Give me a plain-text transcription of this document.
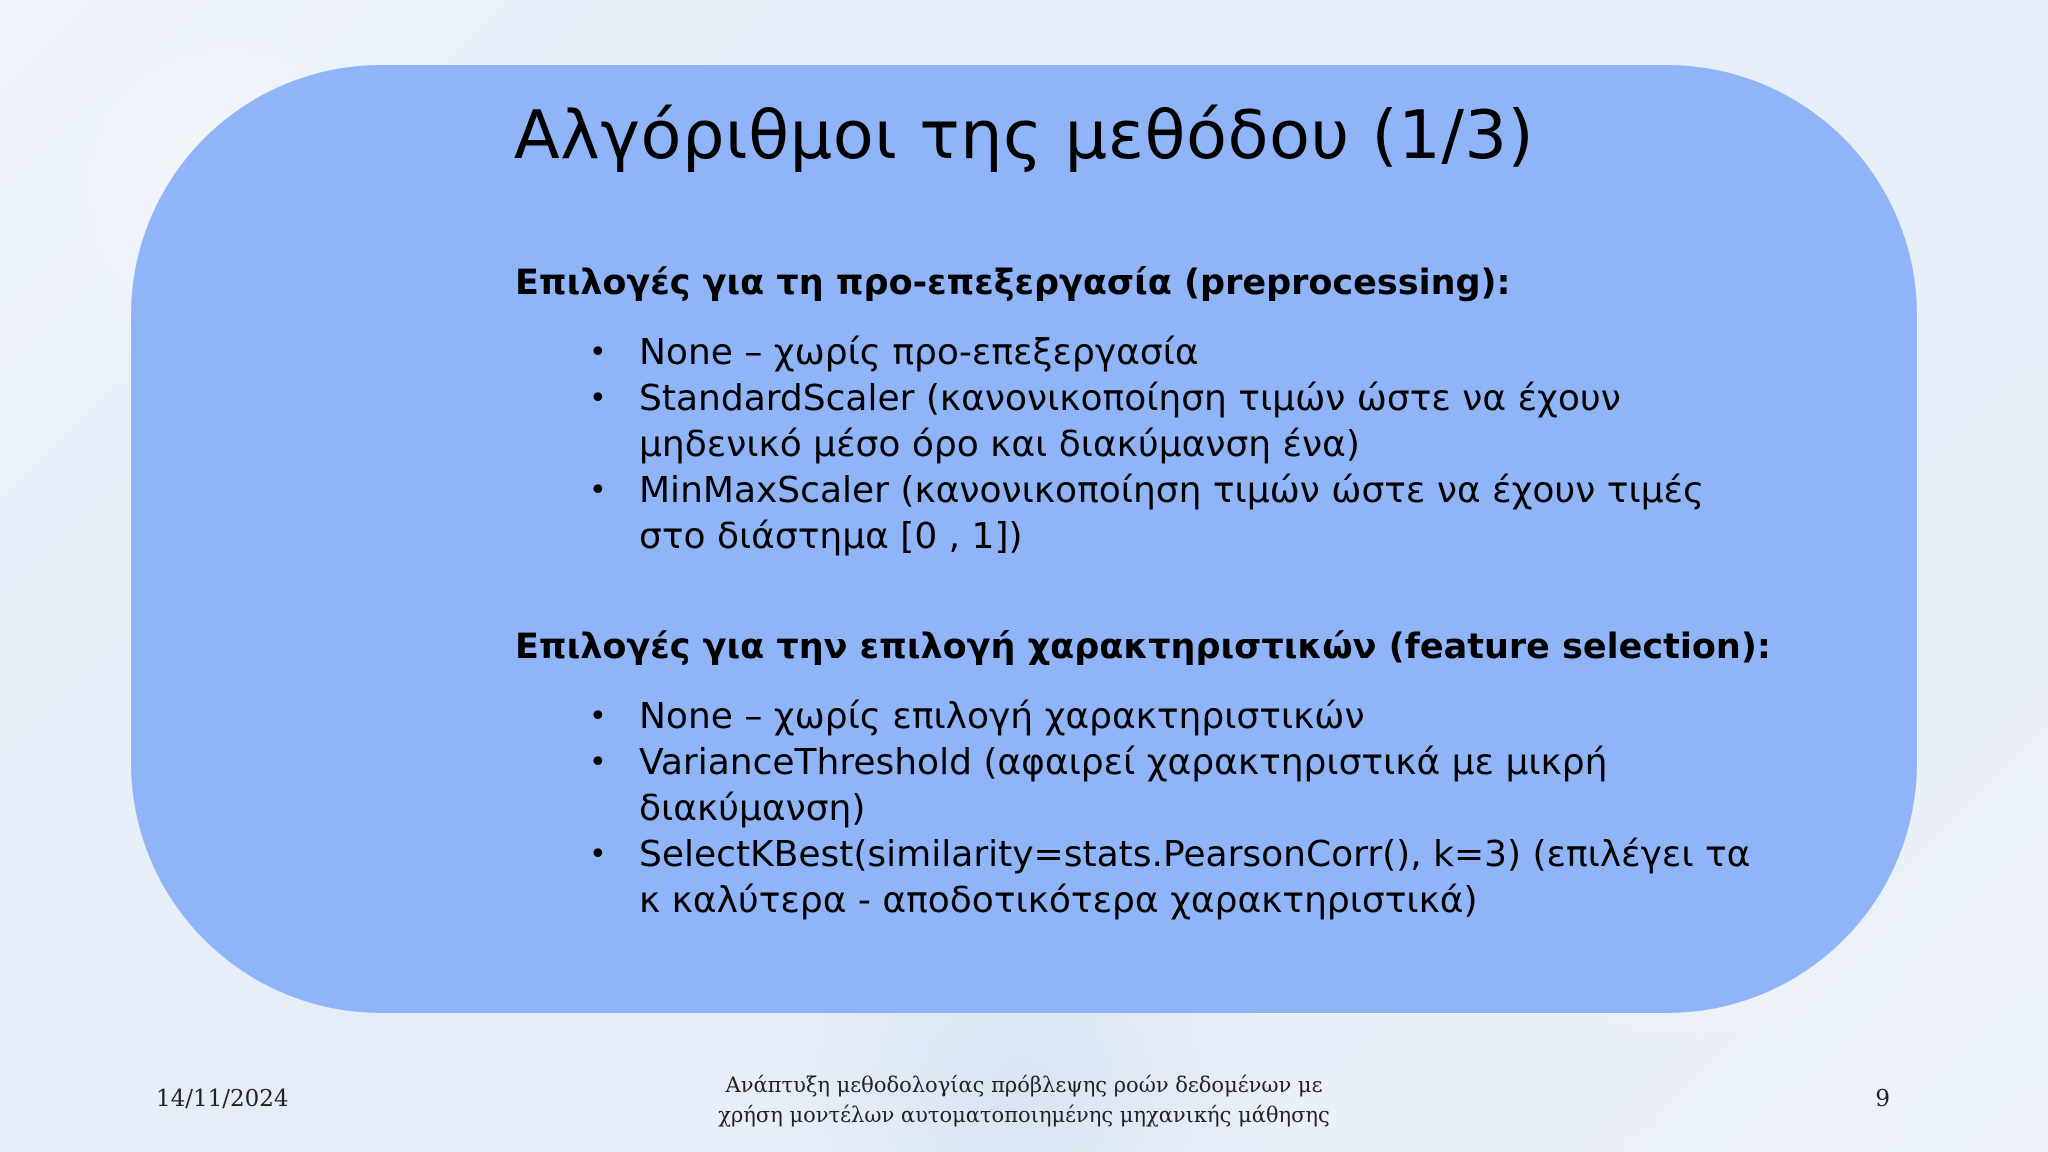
Αλγόριθμοι της μεθόδου (1/3)

Επιλογές για τη προ-επεξεργασία (preprocessing):

• None – χωρίς προ-επεξεργασία
• StandardScaler (κανονικοποίηση τιμών ώστε να έχουν μηδενικό μέσο όρο και διακύμανση ένα)
• MinMaxScaler (κανονικοποίηση τιμών ώστε να έχουν τιμές στο διάστημα [0 , 1])

Επιλογές για την επιλογή χαρακτηριστικών (feature selection):

• None – χωρίς επιλογή χαρακτηριστικών
• VarianceThreshold (αφαιρεί χαρακτηριστικά με μικρή διακύμανση)
• SelectKBest(similarity=stats.PearsonCorr(), k=3) (επιλέγει τα κ καλύτερα - αποδοτικότερα χαρακτηριστικά)
14/11/2024
Ανάπτυξη μεθοδολογίας πρόβλεψης ροών δεδομένων με
χρήση μοντέλων αυτοματοποιημένης μηχανικής μάθησης
9
